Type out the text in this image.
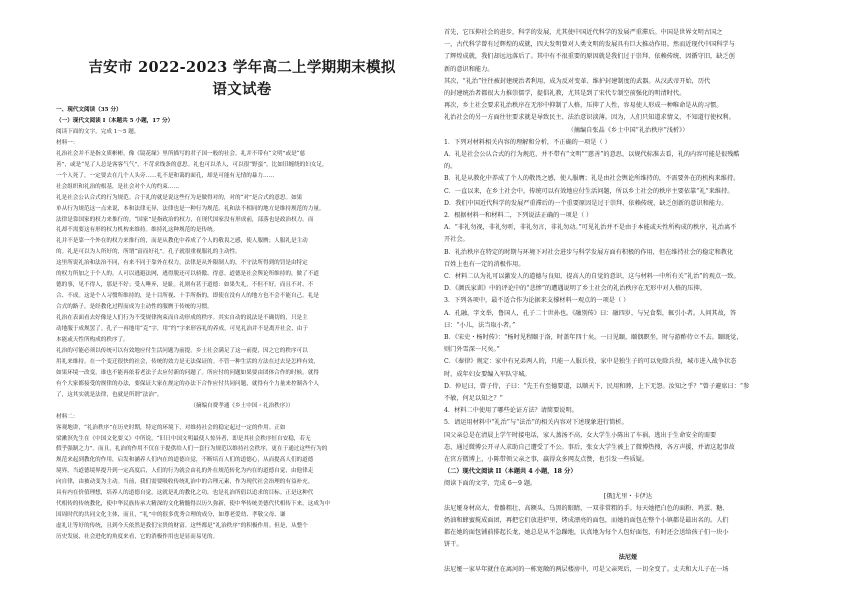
吉安市 2022-2023 学年高二上学期期末模拟
语文试卷
一、现代文阅读（35 分）
（一）现代文阅读 I（本题共 5 小题，17 分）
阅读下面的文字，完成 1～5 题。
材料一：
礼治社会并不是指文质彬彬，像《镜花缘》里所描写的君子国一般的社会。礼并不带有“文明”或是“慈
善”，或是“见了人总是客客气气”，不苛求线条的意思。礼也可以杀人，可以很“野蛮”，比如旧缠绕的妇女足，
一个人死了，一定要去在几个人头旁……礼不是和蔼的面孔，却是可能有无情的暴力……
社会组织和礼治的根基，是社会对个人的约束……
礼是社会公认合式的行为规范。合于礼的就是说这些行为是做得对的，对的“对”是合式的意思。如果
单从行为规范这一点来说，本和法律无异，法律也是一种行为规范。礼和法不相同的地方是维持规范的力量。
法律是靠国家的权力来推行的。“国家”是指政治的权力，在现代国家没有形成前，部落也是政治权力。而
礼却不需要这有形的权力机构来维持。维持礼这种规范的是传统。
礼并不是靠一个外在的权力来推行的，而是从教化中养成了个人的敬畏之感，使人服膺；人服礼是主动
的。礼是可以为人所好的，所谓“富而好礼”。孔子就很重视服礼的主动性。
这里所说礼治和法治不同，有来不同于靠外在权力，法律是从外限制人的，不守法所得到的罚是由特定
的权力所加之于个人的。人可以逃避法网，逃得脱还可以骄傲、得意。道德是社会舆论所维持的，做了不道
德的事，见不得人，那是不好；受人唾弃，是耻。礼则有甚于道德：如果失礼，不但不好，而且不对、不
合、不成。这是个人习惯所维持的，是十目所视、十手所指的，即使在没有人的地方也不会不能自己。礼是
合式的路子，是经教化过程而成为主动性的服膺于传统的习惯。
礼治在表面看去好像是人们行为不受规律拘束而自动形成的秩序。其实自动的说法是不确切的，只是主
动地服于成规罢了。孔子一再地用“克”字，用“约”字来形容礼的养成，可见礼治并不是离开社会，由于
本能或天性所构成的秩序了。
礼治的可能必须以传统可以有效地应付生活问题为前提。乡土社会满足了这一前提，因之它的秩序可以
用礼来维持。在一个变迁很快的社会，传统的效力是无法保证的。不管一种生活的方法在过去是怎样有效，
如果环境一改变，谁也不能再依着老法子去应付新的问题了。所应付的问题如果要由团体合作的时候，就得
有个大家都接受的规律的办法，要保证大家在规定的办法下合作应付共同问题，就得有个力量来控制各个人
了，这其实就是法律，也就是所谓“法治”。
（摘编自费孝通《乡土中国・礼治秩序》）
材料二：
客观地讲，“礼治秩序”在历史时期，特定的环境下，对维持社会的稳定起过一定的作用。正如
梁漱溟先生在《中国文化要义》中所说，“旧日中国文明最使人惊异者，即是其社会秩序恒自安稳，若无
假乎强制之力”。而且，礼治的作用不仅在于提供给人们一套行为规范以维持社会秩序，更在于通过这些行为的
规范来起到教化的作用，启发和涵养人们内在的道德自觉，不断培育人们的道德心，从而提高人们的道德
境界。当道德境界提升到一定高度后，人们的行为就会由礼的外在规范转化为内在的道德自觉，由他律走
向自律，由被动变为主动。当前，我们需要吸收传统礼治中的合理元素，作为现代社会治理的有益补充。
具有内在价值理想，培养人的道德自觉，这就是礼的教化之功，也是礼治所倡以追求的目标。正是这种代
代相传的传统教化，使中华民族传承大精深的文化精髓得以历久弥新，使中华传统美德代代相传下来，这成为中
国周时代的共同文化主体，而且，“礼”中的很多优秀合理的成分，如尊老爱幼、孝敬父母、谦
虚礼让等好的传统，且到今天依然是我们宝贵的财富。这些都是“礼治秩序”的积极作用。但是，从整个
历史发展、社会进化的角度来看，它的消极作用也是显而易见的。
首先，它压抑社会的进步，科学的发展，尤其使中国近代科学的发展严重滞后。中国是世界文明古国之
一，古代科学曾有过辉煌的成就，四大发明曾对人类文明的发展具有巨大推动作用。然而近现代中国科学与
了辉煌成就，我们却远远落后了。其中有不很重要的原因就是我们过于崇拜、依赖传统，因循守旧，缺乏创
新的意识和能力。
其次，“礼治”往往被封建统治者利用，成为反对变革、维护封建制度的武器。从汉武帝开始，历代
的封建统治者都很大力推崇儒学，提倡礼教，尤其是到了宋代专制空前强化的明清时代。
再次，乡土社会要求礼治秩序在无形中抑制了人格，压抑了人性，容易使人形成一种唯命是从的习惯。
礼治社会的另一方面往往要求就是导致民主、法治意识淡薄。因为，人们只知道求情义，不知道行使权利。
（摘编自张晶《乡土中国“礼治秩序”浅析》）
1．下列对材料相关内容的理解和分析，不正确的一项是（ ）
A．礼是社会公认合式的行为规范，并不带有“文明”“慈善”的意思，以规代标准去看，礼的内容可能是很残酷
的。
B．礼是从教化中养成了个人的敬畏之感，使人服膺；礼是由社会舆论所维持的，不需要外在的机构来维持。
C．一直以来，在乡土社会中，传统可以有效地应付生活问题，所以乡土社会的秩序主要依靠“礼”来维持。
D．我们中国近代科学的发展严重滞后的一个重要原因是过于崇拜、依赖传统，缺乏创新的意识和能力。
2．根据材料一和材料二，下列说法正确的一项是（ ）
A．“非礼勿视，非礼勿听，非礼勿言，非礼勿动。”可见礼治并不是由于本能或天性所构成的秩序，礼治离不
开社会。
B．礼治秩序在特定的时期与环境下对社会进步与科学发展方面有积极的作用，但在维持社会的稳定和教化
百姓上也有一定的消极作用。
C．材料二认为礼可以激发人的道德与良知，提高人的自觉的意识，这与材料一中所有关“礼治”的观点一致。
D．《颜氏家训》中的评论中的“悲惨”的遭遇说明了乡土社会的礼治秩序在无形中对人格的压抑。
3．下列各项中，最不适合作为论据来支撑材料一观点的一项是（ ）
A．孔融，字文举，鲁国人，孔子二十世孙也。《融别传》曰：融四岁，与兄食梨，辄引小者。人问其故，答
曰：“小儿，法当取小者。”
B．《宋史・杨时传》：“杨时见程颐于洛，时盖年四十矣。一日见颐，颐偶瞑坐，时与游酢侍立不去。颐既觉，
则门外雪深一尺矣。”
C．《秦律》规定：家中有兄弟两人的，只能一人服兵役，家中是独生子的可以免除兵役，城市进入战争状态
时，成年妇女要编入军队守城。
D．仲尼曰，曾子侍，子曰：“先王有至德要道，以顺天下，民用和睦，上下无怨。汝知之乎？”曾子避席曰：“参
不敏，何足以知之？”
4．材料二中使用了哪些论证方法？请简要说明。
5．请运用材料中“礼治”与“法治”的相关内容对下述现象进行简析。
国父亲总是在清晨上学午时接电话，家人蒸汤不高，女大学生小陈出了车祸，逃出于生命安全的需要
态，通过微博公开寻人求助自己遭受了不公。事后，张女大学生被上了微博热搜，各方声援，并请这起事故
在官方微博上，小陈带领父亲之事，赢得众多网友点赞，也引发一些质疑。
（二）现代文阅读 II（本题共 4 小题，18 分）
阅读下面的文字，完成 6～9 题。
[俄]尤里・卡伊达
法尼娅身材高大，骨骼粗壮，高额头，乌黑的眼睛，一双非常粗的手。每天她把白色的面粉、鸡蛋、糖、
奶油和蜂蜜搅成面团，再把它们放进炉里，烤成漂亮的面包，而她的面包在整个小镇都是最出名的。人们
都在她的面包铺前排起长龙，她总是从不急躁地，认真地为每个人包好面包，有时还会送给孩子们一块小
饼干。
法尼娅
法尼娅一家早年就住在离河的一栋宽敞的两层楼房中，可是父亲死后，一切全变了。丈夫和大儿子在一场
